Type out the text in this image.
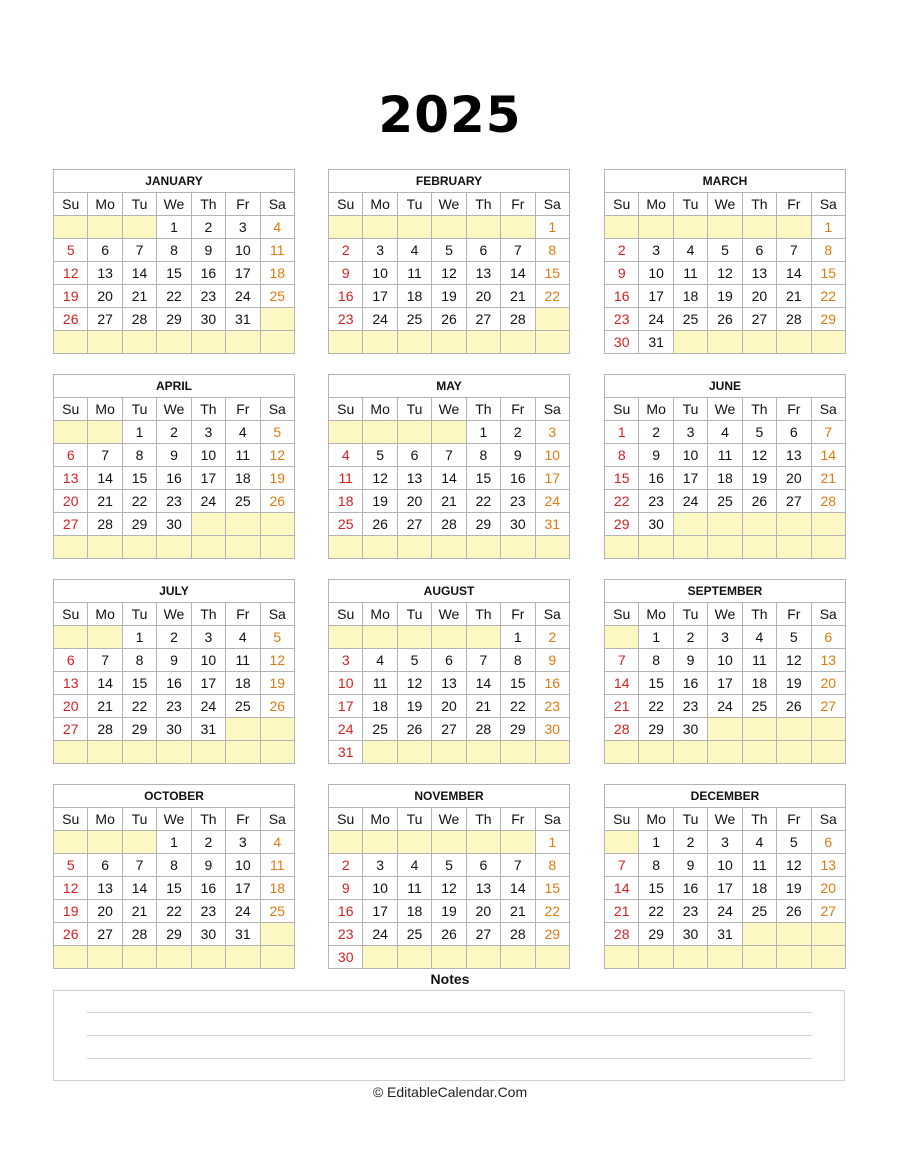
2025
JANUARY						
Su	Mo	Tu	We	Th	Fr	Sa
			1	2	3	4
5	6	7	8	9	10	11
12	13	14	15	16	17	18
19	20	21	22	23	24	25
26	27	28	29	30	31	

FEBRUARY						
Su	Mo	Tu	We	Th	Fr	Sa
						1
2	3	4	5	6	7	8
9	10	11	12	13	14	15
16	17	18	19	20	21	22
23	24	25	26	27	28	

MARCH						
Su	Mo	Tu	We	Th	Fr	Sa
						1
2	3	4	5	6	7	8
9	10	11	12	13	14	15
16	17	18	19	20	21	22
23	24	25	26	27	28	29
30	31					
APRIL						
Su	Mo	Tu	We	Th	Fr	Sa
		1	2	3	4	5
6	7	8	9	10	11	12
13	14	15	16	17	18	19
20	21	22	23	24	25	26
27	28	29	30			

MAY						
Su	Mo	Tu	We	Th	Fr	Sa
				1	2	3
4	5	6	7	8	9	10
11	12	13	14	15	16	17
18	19	20	21	22	23	24
25	26	27	28	29	30	31

JUNE						
Su	Mo	Tu	We	Th	Fr	Sa
1	2	3	4	5	6	7
8	9	10	11	12	13	14
15	16	17	18	19	20	21
22	23	24	25	26	27	28
29	30					

JULY						
Su	Mo	Tu	We	Th	Fr	Sa
		1	2	3	4	5
6	7	8	9	10	11	12
13	14	15	16	17	18	19
20	21	22	23	24	25	26
27	28	29	30	31		

AUGUST						
Su	Mo	Tu	We	Th	Fr	Sa
					1	2
3	4	5	6	7	8	9
10	11	12	13	14	15	16
17	18	19	20	21	22	23
24	25	26	27	28	29	30
31						
SEPTEMBER						
Su	Mo	Tu	We	Th	Fr	Sa
	1	2	3	4	5	6
7	8	9	10	11	12	13
14	15	16	17	18	19	20
21	22	23	24	25	26	27
28	29	30				

OCTOBER						
Su	Mo	Tu	We	Th	Fr	Sa
			1	2	3	4
5	6	7	8	9	10	11
12	13	14	15	16	17	18
19	20	21	22	23	24	25
26	27	28	29	30	31	

NOVEMBER						
Su	Mo	Tu	We	Th	Fr	Sa
						1
2	3	4	5	6	7	8
9	10	11	12	13	14	15
16	17	18	19	20	21	22
23	24	25	26	27	28	29
30						
DECEMBER						
Su	Mo	Tu	We	Th	Fr	Sa
	1	2	3	4	5	6
7	8	9	10	11	12	13
14	15	16	17	18	19	20
21	22	23	24	25	26	27
28	29	30	31			

Notes
© EditableCalendar.Com
